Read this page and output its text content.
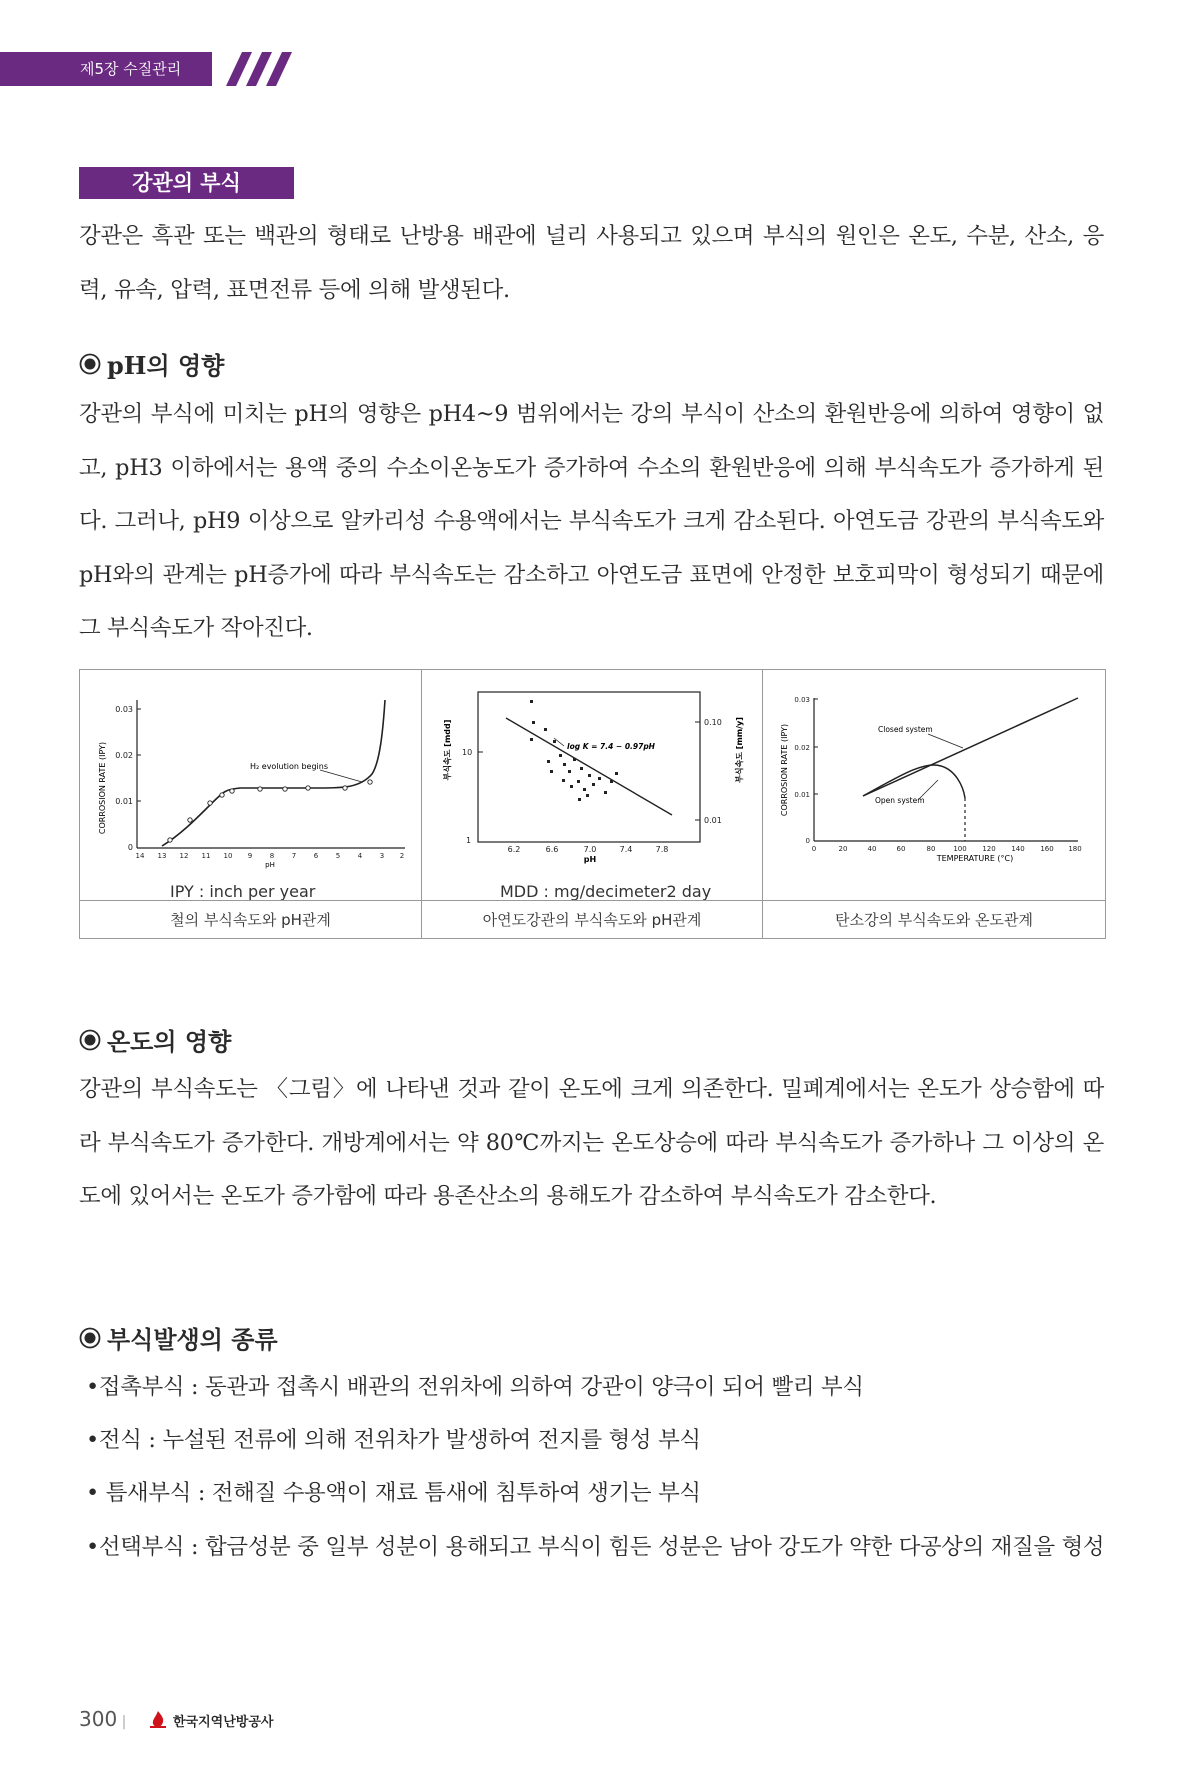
제5장 수질관리
강관의 부식

강관은 흑관 또는 백관의 형태로 난방용 배관에 널리 사용되고 있으며 부식의 원인은 온도, 수분, 산소, 응력, 유속, 압력, 표면전류 등에 의해 발생된다.

pH의 영향

강관의 부식에 미치는 pH의 영향은 pH4~9 범위에서는 강의 부식이 산소의 환원반응에 의하여 영향이 없고, pH3 이하에서는 용액 중의 수소이온농도가 증가하여 수소의 환원반응에 의해 부식속도가 증가하게 된다. 그러나, pH9 이상으로 알카리성 수용액에서는 부식속도가 크게 감소된다. 아연도금 강관의 부식속도와 pH와의 관계는 pH증가에 따라 부식속도는 감소하고 아연도금 표면에 안정한 보호피막이 형성되기 때문에 그 부식속도가 작아진다.

CORROSION RATE (IPY)
0.03
0.02
0.01
0
14 13 12 11 10 9	8	7	6	5	4	3 2
pH
H₂ evolution begins	부식속도 [mdd]	부식속도 [mm/y]
10
1
0.10
0.01
6.2	6.6	7.0	7.4	7.8
pH
log K = 7.4 − 0.97pH	CORROSION RATE (IPY)
0.03
0.02
0.01
0
0	20	40	60	80	100 120 140 160 180
TEMPERATURE (°C)
Closed system
Open system
IPY : inch per year	MDD : mg/decimeter2 day
철의 부식속도와 pH관계	아연도강관의 부식속도와 pH관계	탄소강의 부식속도와 온도관계
온도의 영향

강관의 부식속도는 〈그림〉에 나타낸 것과 같이 온도에 크게 의존한다. 밀폐계에서는 온도가 상승함에 따라 부식속도가 증가한다. 개방계에서는 약 80℃까지는 온도상승에 따라 부식속도가 증가하나 그 이상의 온도에 있어서는 온도가 증가함에 따라 용존산소의 용해도가 감소하여 부식속도가 감소한다.

부식발생의 종류

•접촉부식 : 동관과 접촉시 배관의 전위차에 의하여 강관이 양극이 되어 빨리 부식

•전식 : 누설된 전류에 의해 전위차가 발생하여 전지를 형성 부식

• 틈새부식 : 전해질 수용액이 재료 틈새에 침투하여 생기는 부식

•선택부식 : 합금성분 중 일부 성분이 용해되고 부식이 힘든 성분은 남아 강도가 약한 다공상의 재질을 형성

300 |	한국지역난방공사
